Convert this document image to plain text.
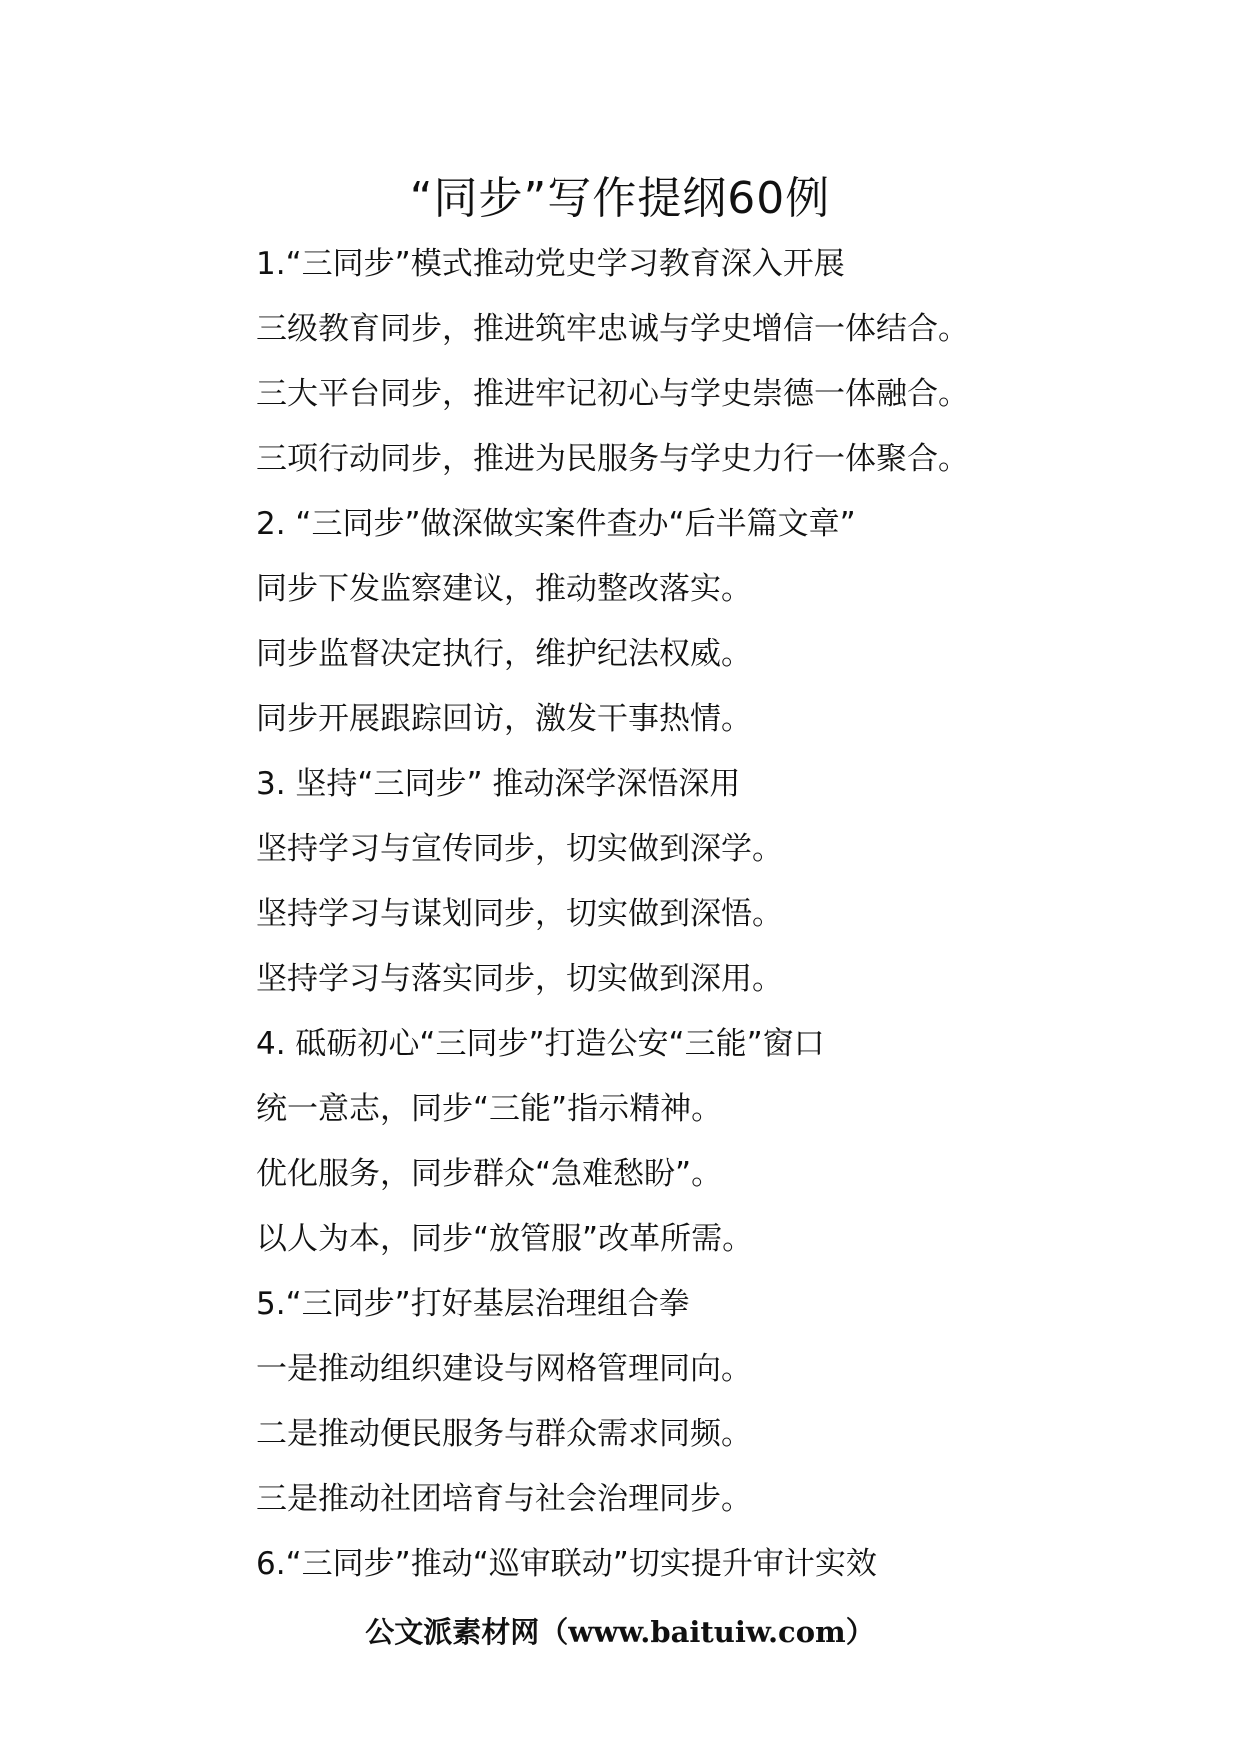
“同步”写作提纲60例
1.“三同步”模式推动党史学习教育深入开展
三级教育同步，推进筑牢忠诚与学史增信一体结合。
三大平台同步，推进牢记初心与学史崇德一体融合。
三项行动同步，推进为民服务与学史力行一体聚合。
2. “三同步”做深做实案件查办“后半篇文章”
同步下发监察建议，推动整改落实。
同步监督决定执行，维护纪法权威。
同步开展跟踪回访，激发干事热情。
3. 坚持“三同步” 推动深学深悟深用
坚持学习与宣传同步，切实做到深学。
坚持学习与谋划同步，切实做到深悟。
坚持学习与落实同步，切实做到深用。
4. 砥砺初心“三同步”打造公安“三能”窗口
统一意志，同步“三能”指示精神。
优化服务，同步群众“急难愁盼”。
以人为本，同步“放管服”改革所需。
5.“三同步”打好基层治理组合拳
一是推动组织建设与网格管理同向。
二是推动便民服务与群众需求同频。
三是推动社团培育与社会治理同步。
6.“三同步”推动“巡审联动”切实提升审计实效
公文派素材网（www.baituiw.com）
